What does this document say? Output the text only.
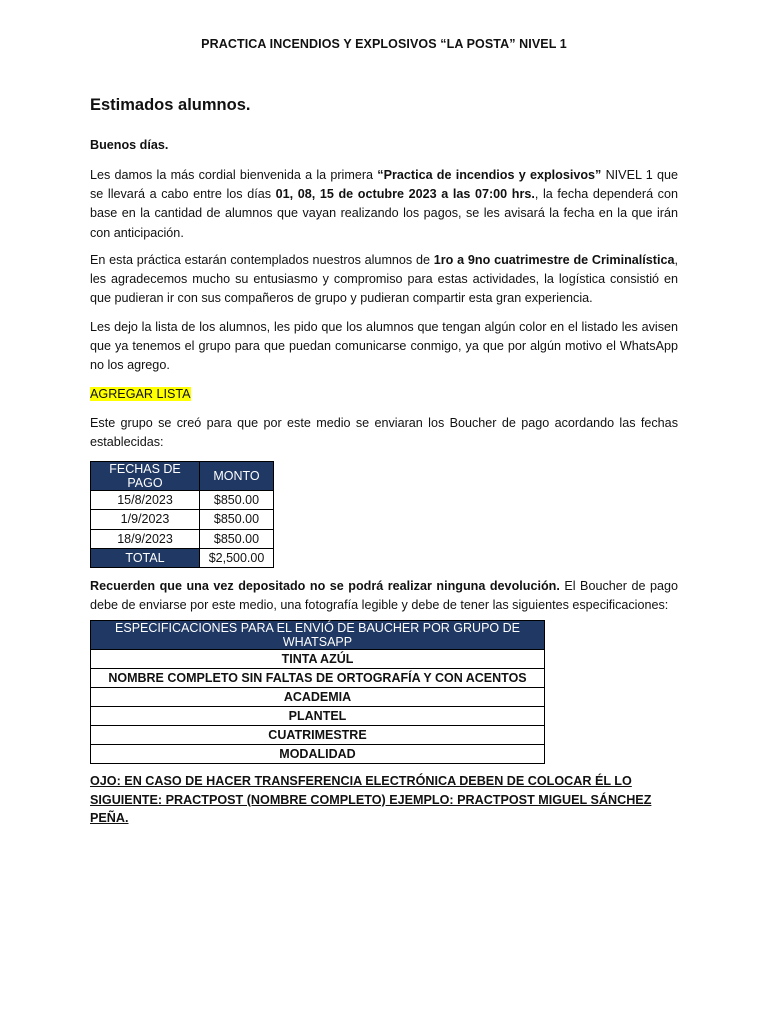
PRACTICA INCENDIOS Y EXPLOSIVOS “LA POSTA” NIVEL 1
Estimados alumnos.
Buenos días.
Les damos la más cordial bienvenida a la primera “Practica de incendios y explosivos” NIVEL 1 que se llevará a cabo entre los días 01, 08, 15 de octubre 2023 a las 07:00 hrs., la fecha dependerá con base en la cantidad de alumnos que vayan realizando los pagos, se les avisará la fecha en la que irán con anticipación.
En esta práctica estarán contemplados nuestros alumnos de 1ro a 9no cuatrimestre de Criminalística, les agradecemos mucho su entusiasmo y compromiso para estas actividades, la logística consistió en que pudieran ir con sus compañeros de grupo y pudieran compartir esta gran experiencia.
Les dejo la lista de los alumnos, les pido que los alumnos que tengan algún color en el listado les avisen que ya tenemos el grupo para que puedan comunicarse conmigo, ya que por algún motivo el WhatsApp no los agrego.
AGREGAR LISTA
Este grupo se creó para que por este medio se enviaran los Boucher de pago acordando las fechas establecidas:
FECHAS DE PAGO	MONTO
15/8/2023	$850.00
1/9/2023	$850.00
18/9/2023	$850.00
TOTAL	$2,500.00
Recuerden que una vez depositado no se podrá realizar ninguna devolución. El Boucher de pago debe de enviarse por este medio, una fotografía legible y debe de tener las siguientes especificaciones:
ESPECIFICACIONES PARA EL ENVIÓ DE BAUCHER POR GRUPO DE WHATSAPP
TINTA AZÚL
NOMBRE COMPLETO SIN FALTAS DE ORTOGRAFÍA Y CON ACENTOS
ACADEMIA
PLANTEL
CUATRIMESTRE
MODALIDAD
OJO: EN CASO DE HACER TRANSFERENCIA ELECTRÓNICA DEBEN DE COLOCAR ÉL LO SIGUIENTE: PRACTPOST (NOMBRE COMPLETO) EJEMPLO: PRACTPOST MIGUEL SÁNCHEZ PEÑA.
